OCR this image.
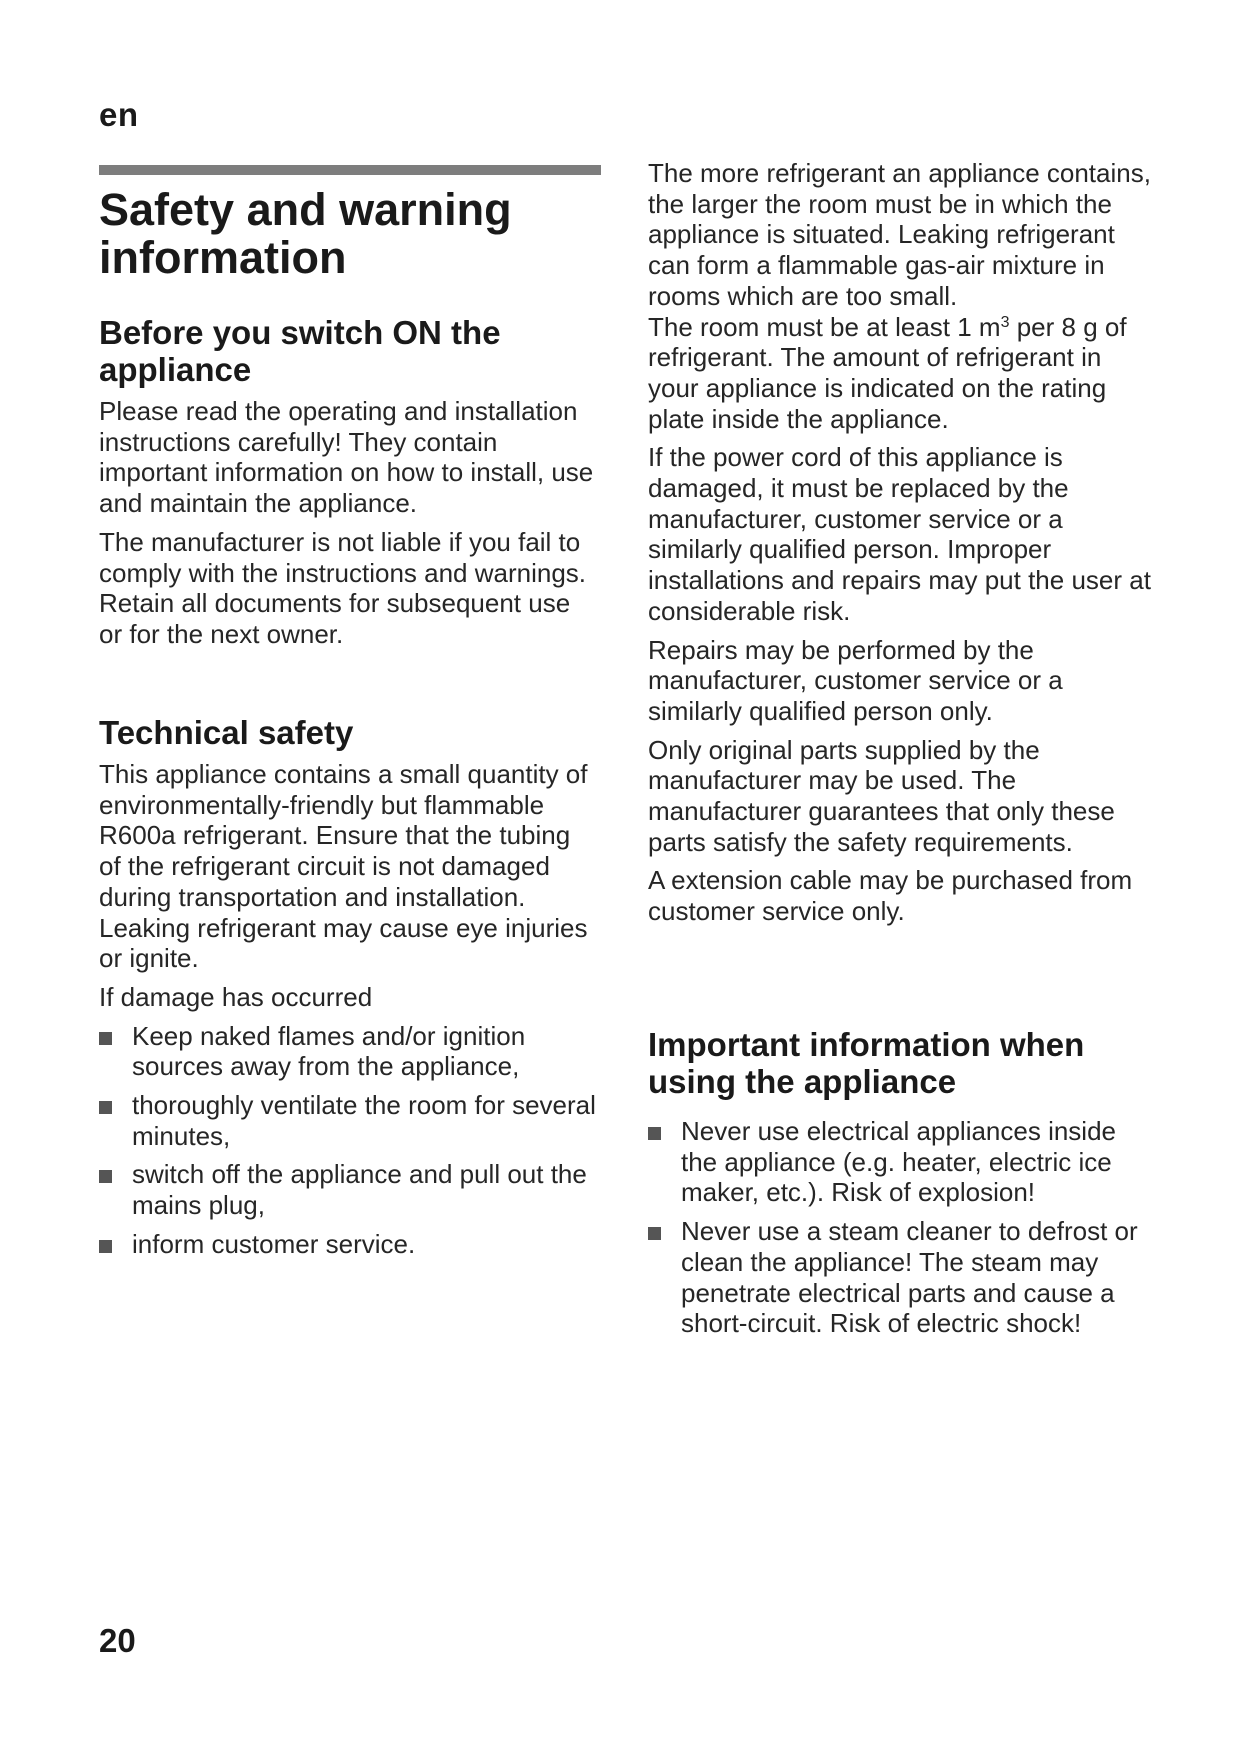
en
Safety and warning information
Before you switch ON the appliance

Please read the operating and installation instructions carefully! They contain important information on how to install, use and maintain the appliance.

The manufacturer is not liable if you fail to comply with the instructions and warnings. Retain all documents for subsequent use or for the next owner.

Technical safety

This appliance contains a small quantity of environmentally-friendly but flammable R600a refrigerant. Ensure that the tubing of the refrigerant circuit is not damaged during transportation and installation. Leaking refrigerant may cause eye injuries or ignite.

If damage has occurred

Keep naked flames and/or ignition sources away from the appliance,
thoroughly ventilate the room for several minutes,
switch off the appliance and pull out the mains plug,
inform customer service.

The more refrigerant an appliance contains, the larger the room must be in which the appliance is situated. Leaking refrigerant can form a flammable gas-air mixture in rooms which are too small.

The room must be at least 1 $m^3$ per 8 g of refrigerant. The amount of refrigerant in your appliance is indicated on the rating plate inside the appliance.

If the power cord of this appliance is damaged, it must be replaced by the manufacturer, customer service or a similarly qualified person. Improper installations and repairs may put the user at considerable risk.

Repairs may be performed by the manufacturer, customer service or a similarly qualified person only.

Only original parts supplied by the manufacturer may be used. The manufacturer guarantees that only these parts satisfy the safety requirements.

A extension cable may be purchased from customer service only.

Important information when using the appliance
Never use electrical appliances inside the appliance (e.g. heater, electric ice maker, etc.). Risk of explosion!
Never use a steam cleaner to defrost or clean the appliance! The steam may penetrate electrical parts and cause a short-circuit. Risk of electric shock!
20
